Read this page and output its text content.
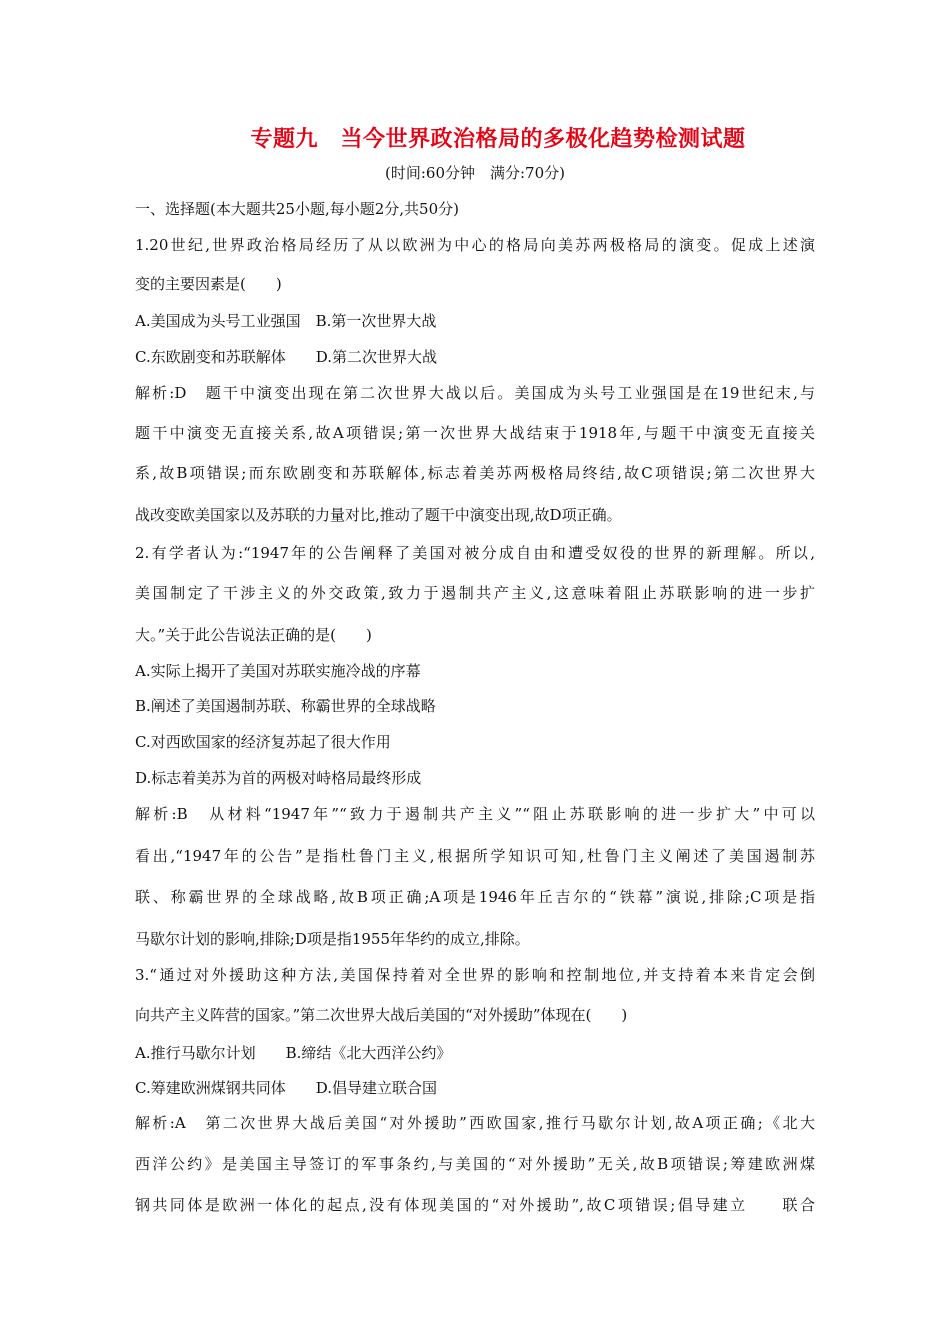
专题九　当今世界政治格局的多极化趋势检测试题
(时间:60分钟　满分:70分)
一、选择题(本大题共25小题,每小题2分,共50分)
1.20世纪,世界政治格局经历了从以欧洲为中心的格局向美苏两极格局的演变。促成上述演
变的主要因素是(　　)
A.美国成为头号工业强国　B.第一次世界大战
C.东欧剧变和苏联解体　　D.第二次世界大战
解析:D　题干中演变出现在第二次世界大战以后。美国成为头号工业强国是在19世纪末,与
题干中演变无直接关系,故A项错误;第一次世界大战结束于1918年,与题干中演变无直接关
系,故B项错误;而东欧剧变和苏联解体,标志着美苏两极格局终结,故C项错误;第二次世界大
战改变欧美国家以及苏联的力量对比,推动了题干中演变出现,故D项正确。
2.有学者认为:“1947年的公告阐释了美国对被分成自由和遭受奴役的世界的新理解。所以,
美国制定了干涉主义的外交政策,致力于遏制共产主义,这意味着阻止苏联影响的进一步扩
大。”关于此公告说法正确的是(　　)
A.实际上揭开了美国对苏联实施冷战的序幕
B.阐述了美国遏制苏联、称霸世界的全球战略
C.对西欧国家的经济复苏起了很大作用
D.标志着美苏为首的两极对峙格局最终形成
解析:B　从材料“1947年”“致力于遏制共产主义”“阻止苏联影响的进一步扩大”中可以
看出,“1947年的公告”是指杜鲁门主义,根据所学知识可知,杜鲁门主义阐述了美国遏制苏
联、称霸世界的全球战略,故B项正确;A项是1946年丘吉尔的“铁幕”演说,排除;C项是指
马歇尔计划的影响,排除;D项是指1955年华约的成立,排除。
3.“通过对外援助这种方法,美国保持着对全世界的影响和控制地位,并支持着本来肯定会倒
向共产主义阵营的国家。”第二次世界大战后美国的“对外援助”体现在(　　)
A.推行马歇尔计划　　B.缔结《北大西洋公约》
C.筹建欧洲煤钢共同体　　D.倡导建立联合国
解析:A　第二次世界大战后美国“对外援助”西欧国家,推行马歇尔计划,故A项正确;《北大
西洋公约》是美国主导签订的军事条约,与美国的“对外援助”无关,故B项错误;筹建欧洲煤
钢共同体是欧洲一体化的起点,没有体现美国的“对外援助”,故C项错误;倡导建立　　联合
